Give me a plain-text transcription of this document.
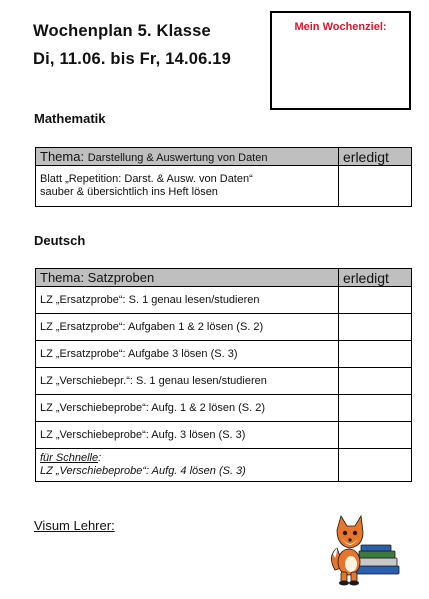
Wochenplan 5. Klasse
Di, 11.06. bis Fr, 14.06.19
Mein Wochenziel:
Mathematik
Thema: Darstellung & Auswertung von Daten	erledigt
Blatt „Repetition: Darst. & Ausw. von Daten“
sauber & übersichtlich ins Heft lösen	
Deutsch
Thema: Satzproben	erledigt
LZ „Ersatzprobe“: S. 1 genau lesen/studieren	
LZ „Ersatzprobe“: Aufgaben 1 & 2 lösen (S. 2)	
LZ „Ersatzprobe“: Aufgabe 3 lösen (S. 3)	
LZ „Verschiebepr.“: S. 1 genau lesen/studieren	
LZ „Verschiebeprobe“: Aufg. 1 & 2 lösen (S. 2)	
LZ „Verschiebeprobe“: Aufg. 3 lösen (S. 3)	
für Schnelle:
LZ „Verschiebeprobe“: Aufg. 4 lösen (S. 3)	
Visum Lehrer:
